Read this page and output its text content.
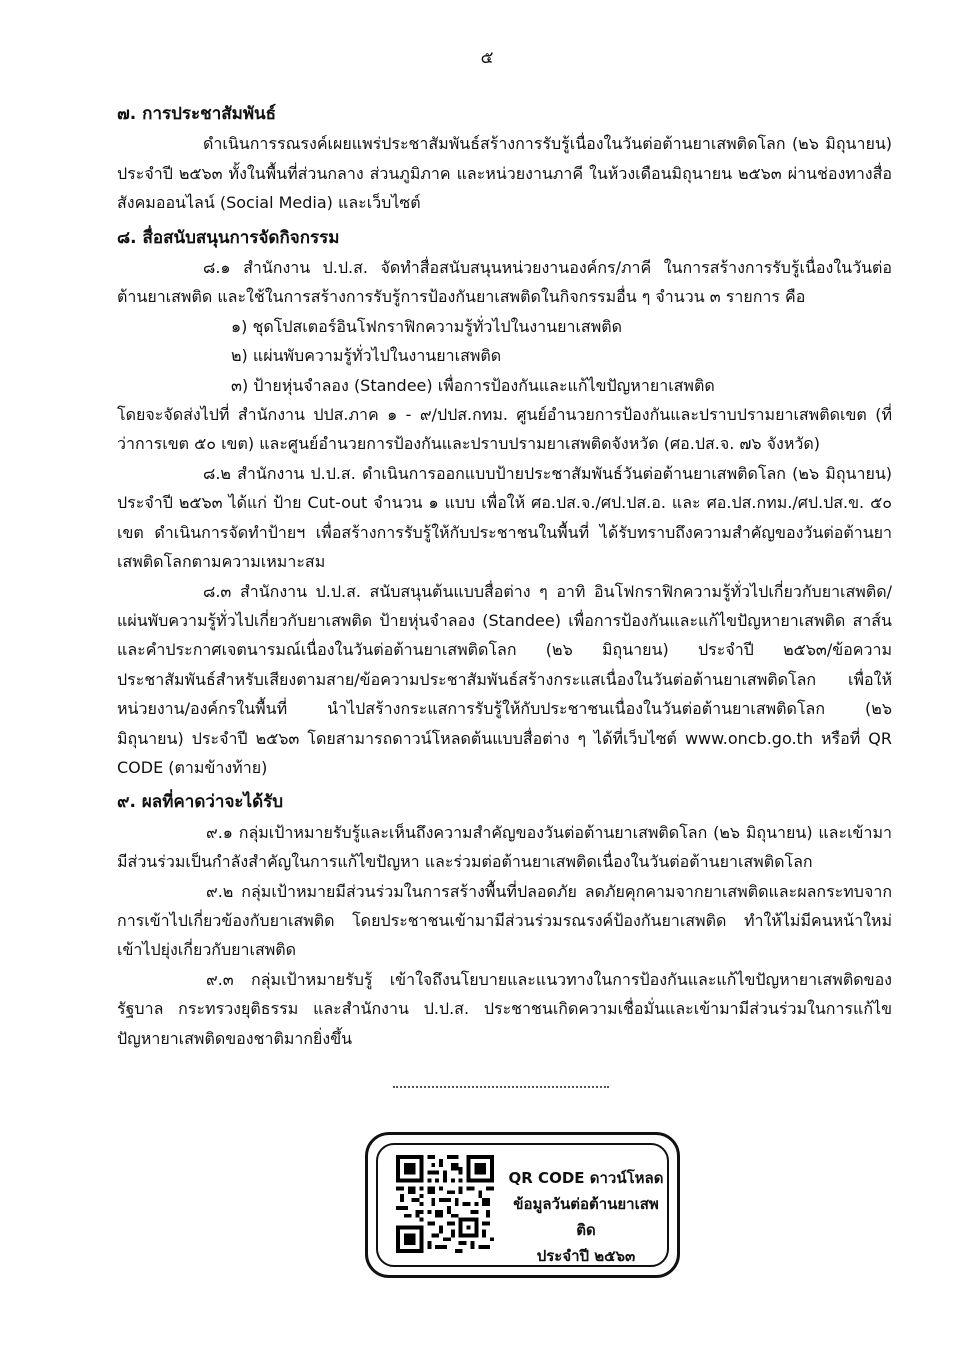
๕

๗. การประชาสัมพันธ์

ดำเนินการรณรงค์เผยแพร่ประชาสัมพันธ์สร้างการรับรู้เนื่องในวันต่อต้านยาเสพติดโลก (๒๖ มิถุนายน) ประจำปี ๒๕๖๓ ทั้งในพื้นที่ส่วนกลาง ส่วนภูมิภาค และหน่วยงานภาคี ในห้วงเดือนมิถุนายน ๒๕๖๓ ผ่านช่องทางสื่อสังคมออนไลน์ (Social Media) และเว็บไซต์

๘. สื่อสนับสนุนการจัดกิจกรรม

๘.๑ สำนักงาน ป.ป.ส. จัดทำสื่อสนับสนุนหน่วยงานองค์กร/ภาคี ในการสร้างการรับรู้เนื่องในวันต่อต้านยาเสพติด และใช้ในการสร้างการรับรู้การป้องกันยาเสพติดในกิจกรรมอื่น ๆ จำนวน ๓ รายการ คือ

๑) ชุดโปสเตอร์อินโฟกราฟิกความรู้ทั่วไปในงานยาเสพติด

๒) แผ่นพับความรู้ทั่วไปในงานยาเสพติด

๓) ป้ายหุ่นจำลอง (Standee) เพื่อการป้องกันและแก้ไขปัญหายาเสพติด

โดยจะจัดส่งไปที่ สำนักงาน ปปส.ภาค ๑ - ๙/ปปส.กทม. ศูนย์อำนวยการป้องกันและปราบปรามยาเสพติดเขต (ที่ว่าการเขต ๕๐ เขต) และศูนย์อำนวยการป้องกันและปราบปรามยาเสพติดจังหวัด (ศอ.ปส.จ. ๗๖ จังหวัด)

๘.๒ สำนักงาน ป.ป.ส. ดำเนินการออกแบบป้ายประชาสัมพันธ์วันต่อต้านยาเสพติดโลก (๒๖ มิถุนายน) ประจำปี ๒๕๖๓ ได้แก่ ป้าย Cut-out จำนวน ๑ แบบ เพื่อให้ ศอ.ปส.จ./ศป.ปส.อ. และ ศอ.ปส.กทม./ศป.ปส.ข. ๕๐ เขต ดำเนินการจัดทำป้ายฯ เพื่อสร้างการรับรู้ให้กับประชาชนในพื้นที่ ได้รับทราบถึงความสำคัญของวันต่อต้านยาเสพติดโลกตามความเหมาะสม

๘.๓ สำนักงาน ป.ป.ส. สนับสนุนต้นแบบสื่อต่าง ๆ อาทิ อินโฟกราฟิกความรู้ทั่วไปเกี่ยวกับยาเสพติด/แผ่นพับความรู้ทั่วไปเกี่ยวกับยาเสพติด ป้ายหุ่นจำลอง (Standee) เพื่อการป้องกันและแก้ไขปัญหายาเสพติด สาส์นและคำประกาศเจตนารมณ์เนื่องในวันต่อต้านยาเสพติดโลก (๒๖ มิถุนายน) ประจำปี ๒๕๖๓/ข้อความประชาสัมพันธ์สำหรับเสียงตามสาย/ข้อความประชาสัมพันธ์สร้างกระแสเนื่องในวันต่อต้านยาเสพติดโลก เพื่อให้หน่วยงาน/องค์กรในพื้นที่ นำไปสร้างกระแสการรับรู้ให้กับประชาชนเนื่องในวันต่อต้านยาเสพติดโลก (๒๖ มิถุนายน) ประจำปี ๒๕๖๓ โดยสามารถดาวน์โหลดต้นแบบสื่อต่าง ๆ ได้ที่เว็บไซต์ www.oncb.go.th หรือที่ QR CODE (ตามข้างท้าย)

๙. ผลที่คาดว่าจะได้รับ

๙.๑ กลุ่มเป้าหมายรับรู้และเห็นถึงความสำคัญของวันต่อต้านยาเสพติดโลก (๒๖ มิถุนายน) และเข้ามามีส่วนร่วมเป็นกำลังสำคัญในการแก้ไขปัญหา และร่วมต่อต้านยาเสพติดเนื่องในวันต่อต้านยาเสพติดโลก

๙.๒ กลุ่มเป้าหมายมีส่วนร่วมในการสร้างพื้นที่ปลอดภัย ลดภัยคุกคามจากยาเสพติดและผลกระทบจากการเข้าไปเกี่ยวข้องกับยาเสพติด โดยประชาชนเข้ามามีส่วนร่วมรณรงค์ป้องกันยาเสพติด ทำให้ไม่มีคนหน้าใหม่เข้าไปยุ่งเกี่ยวกับยาเสพติด

๙.๓ กลุ่มเป้าหมายรับรู้ เข้าใจถึงนโยบายและแนวทางในการป้องกันและแก้ไขปัญหายาเสพติดของรัฐบาล กระทรวงยุติธรรม และสำนักงาน ป.ป.ส. ประชาชนเกิดความเชื่อมั่นและเข้ามามีส่วนร่วมในการแก้ไขปัญหายาเสพติดของชาติมากยิ่งขึ้น

QR CODE ดาวน์โหลด
ข้อมูลวันต่อต้านยาเสพติด
ประจำปี ๒๕๖๓
